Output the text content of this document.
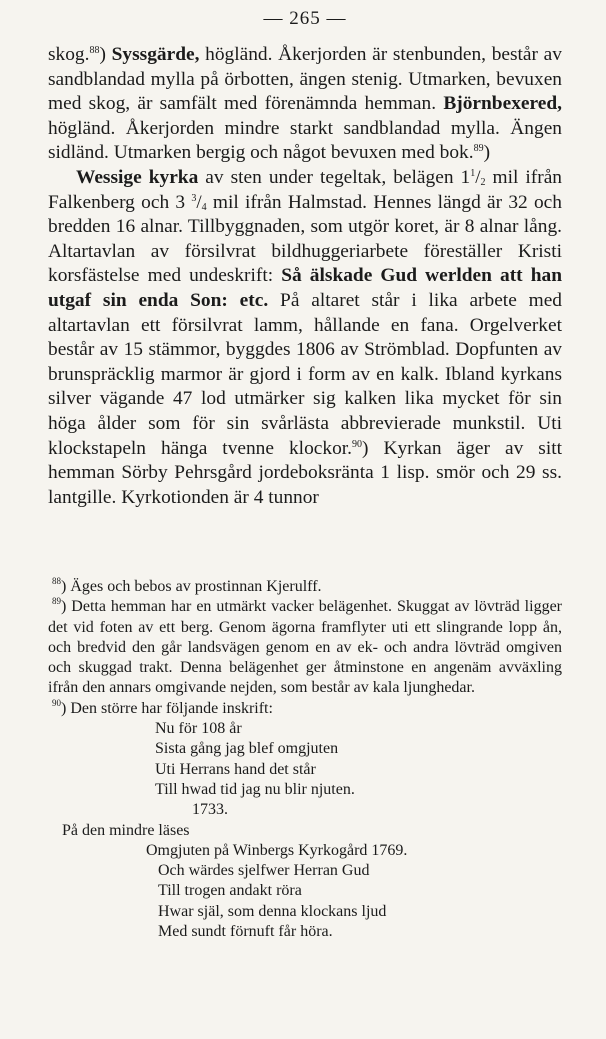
— 265 —

skog.$^{88}$) Syssgärde, högländ. Åkerjorden är stenbunden, består av sandblandad mylla på örbotten, ängen stenig. Utmarken, bevuxen med skog, är samfält med förenämnda hemman. Björnbexered, högländ. Åkerjorden mindre starkt sandblandad mylla. Ängen sidländ. Utmarken bergig och något bevuxen med bok.$^{89}$)

Wessige kyrka av sten under tegeltak, belägen $1^1/_2$ mil ifrån Falkenberg och 3 $^3/_4$ mil ifrån Halmstad. Hennes längd är 32 och bredden 16 alnar. Tillbyggnaden, som utgör koret, är 8 alnar lång. Altartavlan av försilvrat bildhuggeriarbete föreställer Kristi korsfästelse med undeskrift: Så älskade Gud werlden att han utgaf sin enda Son: etc. På altaret står i lika arbete med altartavlan ett försilvrat lamm, hållande en fana. Orgelverket består av 15 stämmor, byggdes 1806 av Strömblad. Dopfunten av brunspräcklig marmor är gjord i form av en kalk. Ibland kyrkans silver vägande 47 lod utmärker sig kalken lika mycket för sin höga ålder som för sin svårlästa abbrevierade munkstil. Uti klockstapeln hänga tvenne klockor.$^{90}$) Kyrkan äger av sitt hemman Sörby Pehrsgård jordeboksränta 1 lisp. smör och 29 ss. lantgille. Kyrkotionden är 4 tunnor

$^{88}$) Äges och bebos av prostinnan Kjerulff.

$^{89}$) Detta hemman har en utmärkt vacker belägenhet. Skuggat av lövträd ligger det vid foten av ett berg. Genom ägorna framflyter uti ett slingrande lopp ån, och bredvid den går landsvägen genom en av ek- och andra lövträd omgiven och skuggad trakt. Denna belägenhet ger åtminstone en angenäm avväxling ifrån den annars omgivande nejden, som består av kala ljunghedar.

$^{90}$) Den större har följande inskrift:

Nu för 108 år
Sista gång jag blef omgjuten
Uti Herrans hand det står
Till hwad tid jag nu blir njuten.
1733.

På den mindre läses

Omgjuten på Winbergs Kyrkogård 1769.
Och wärdes sjelfwer Herran Gud
Till trogen andakt röra
Hwar själ, som denna klockans ljud
Med sundt förnuft får höra.
